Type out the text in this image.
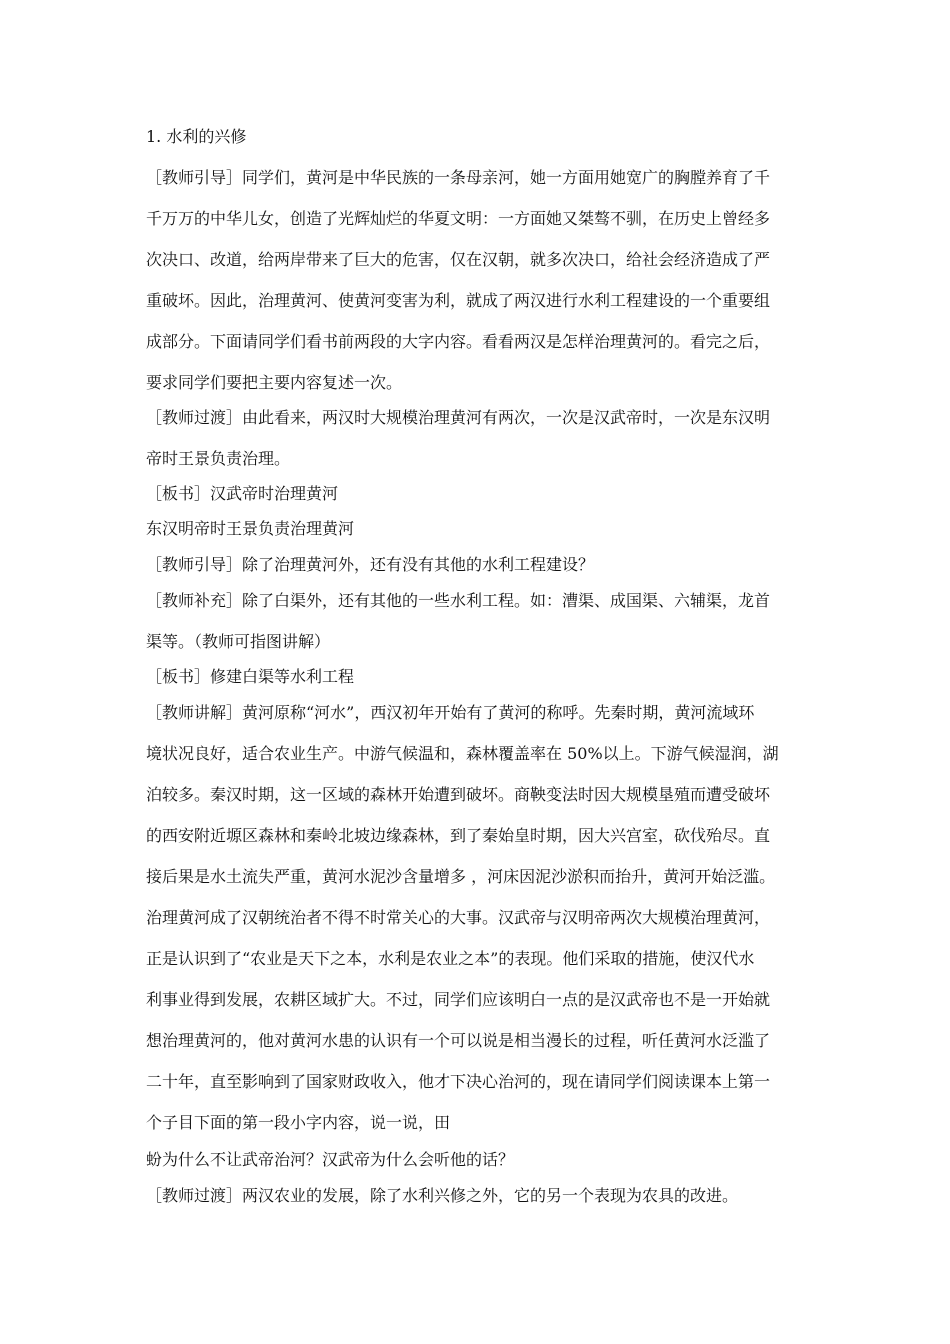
1. 水利的兴修
［教师引导］同学们，黄河是中华民族的一条母亲河，她一方面用她宽广的胸膛养育了千
千万万的中华儿女，创造了光辉灿烂的华夏文明：一方面她又桀骜不驯，在历史上曾经多
次决口、改道，给两岸带来了巨大的危害，仅在汉朝，就多次决口，给社会经济造成了严
重破坏。因此，治理黄河、使黄河变害为利，就成了两汉进行水利工程建设的一个重要组
成部分。下面请同学们看书前两段的大字内容。看看两汉是怎样治理黄河的。看完之后，
要求同学们要把主要内容复述一次。
［教师过渡］由此看来，两汉时大规模治理黄河有两次，一次是汉武帝时，一次是东汉明
帝时王景负责治理。
［板书］汉武帝时治理黄河
东汉明帝时王景负责治理黄河
［教师引导］除了治理黄河外，还有没有其他的水利工程建设？
［教师补充］除了白渠外，还有其他的一些水利工程。如：漕渠、成国渠、六辅渠，龙首
渠等。（教师可指图讲解）
［板书］修建白渠等水利工程
［教师讲解］黄河原称“河水”，西汉初年开始有了黄河的称呼。先秦时期，黄河流域环
境状况良好，适合农业生产。中游气候温和，森林覆盖率在 50%以上。下游气候湿润，湖
泊较多。秦汉时期，这一区域的森林开始遭到破坏。商鞅变法时因大规模垦殖而遭受破坏
的西安附近塬区森林和秦岭北坡边缘森林，到了秦始皇时期，因大兴宫室，砍伐殆尽。直
接后果是水土流失严重，黄河水泥沙含量增多 ，河床因泥沙淤积而抬升，黄河开始泛滥。
治理黄河成了汉朝统治者不得不时常关心的大事。汉武帝与汉明帝两次大规模治理黄河，
正是认识到了“农业是天下之本，水利是农业之本”的表现。他们采取的措施，使汉代水
利事业得到发展，农耕区域扩大。不过，同学们应该明白一点的是汉武帝也不是一开始就
想治理黄河的，他对黄河水患的认识有一个可以说是相当漫长的过程，听任黄河水泛滥了
二十年，直至影响到了国家财政收入，他才下决心治河的，现在请同学们阅读课本上第一
个子目下面的第一段小字内容，说一说，田
蚡为什么不让武帝治河？汉武帝为什么会听他的话？
［教师过渡］两汉农业的发展，除了水利兴修之外，它的另一个表现为农具的改进。
